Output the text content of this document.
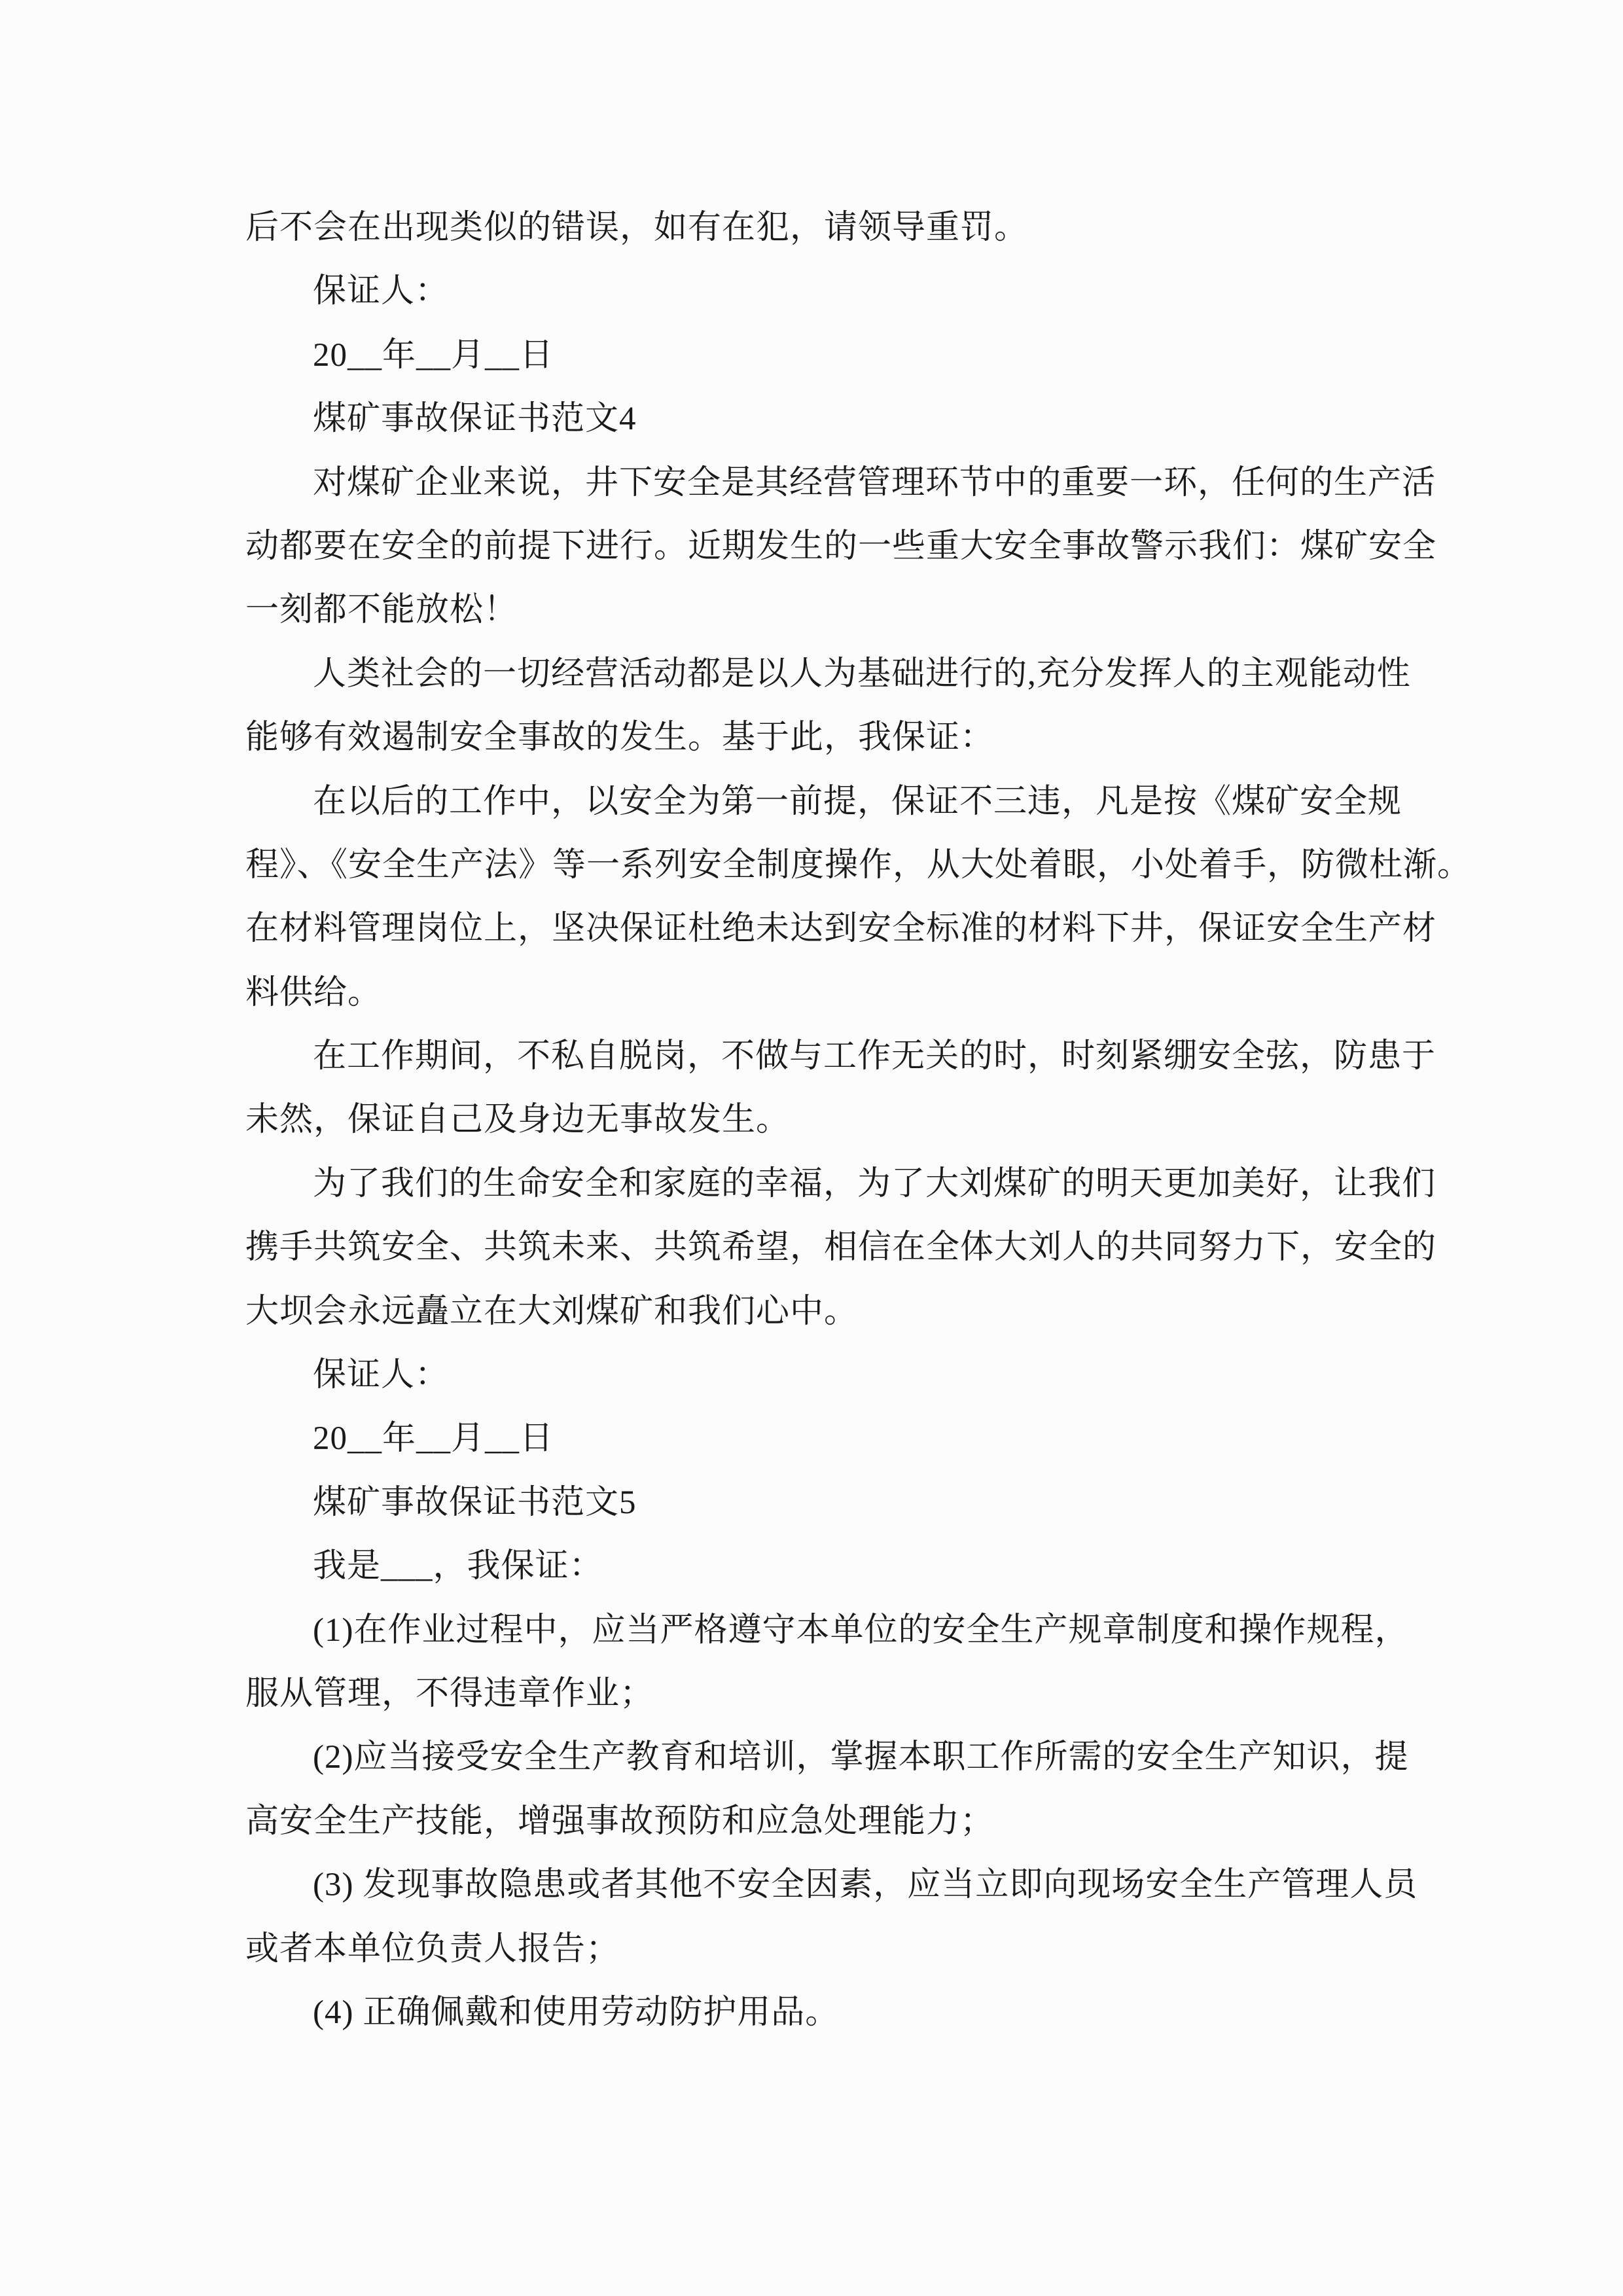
后不会在出现类似的错误，如有在犯，请领导重罚。
保证人：
20__年__月__日
煤矿事故保证书范文4
对煤矿企业来说，井下安全是其经营管理环节中的重要一环，任何的生产活
动都要在安全的前提下进行。近期发生的一些重大安全事故警示我们：煤矿安全
一刻都不能放松！
人类社会的一切经营活动都是以人为基础进行的,充分发挥人的主观能动性
能够有效遏制安全事故的发生。基于此，我保证：
在以后的工作中，以安全为第一前提，保证不三违，凡是按《煤矿安全规
程》、《安全生产法》等一系列安全制度操作，从大处着眼，小处着手，防微杜渐。
在材料管理岗位上，坚决保证杜绝未达到安全标准的材料下井，保证安全生产材
料供给。
在工作期间，不私自脱岗，不做与工作无关的时，时刻紧绷安全弦，防患于
未然，保证自己及身边无事故发生。
为了我们的生命安全和家庭的幸福，为了大刘煤矿的明天更加美好，让我们
携手共筑安全、共筑未来、共筑希望，相信在全体大刘人的共同努力下，安全的
大坝会永远矗立在大刘煤矿和我们心中。
保证人：
20__年__月__日
煤矿事故保证书范文5
我是___，我保证：
(1)在作业过程中，应当严格遵守本单位的安全生产规章制度和操作规程，
服从管理，不得违章作业；
(2)应当接受安全生产教育和培训，掌握本职工作所需的安全生产知识，提
高安全生产技能，增强事故预防和应急处理能力；
(3) 发现事故隐患或者其他不安全因素，应当立即向现场安全生产管理人员
或者本单位负责人报告；
(4) 正确佩戴和使用劳动防护用品。
